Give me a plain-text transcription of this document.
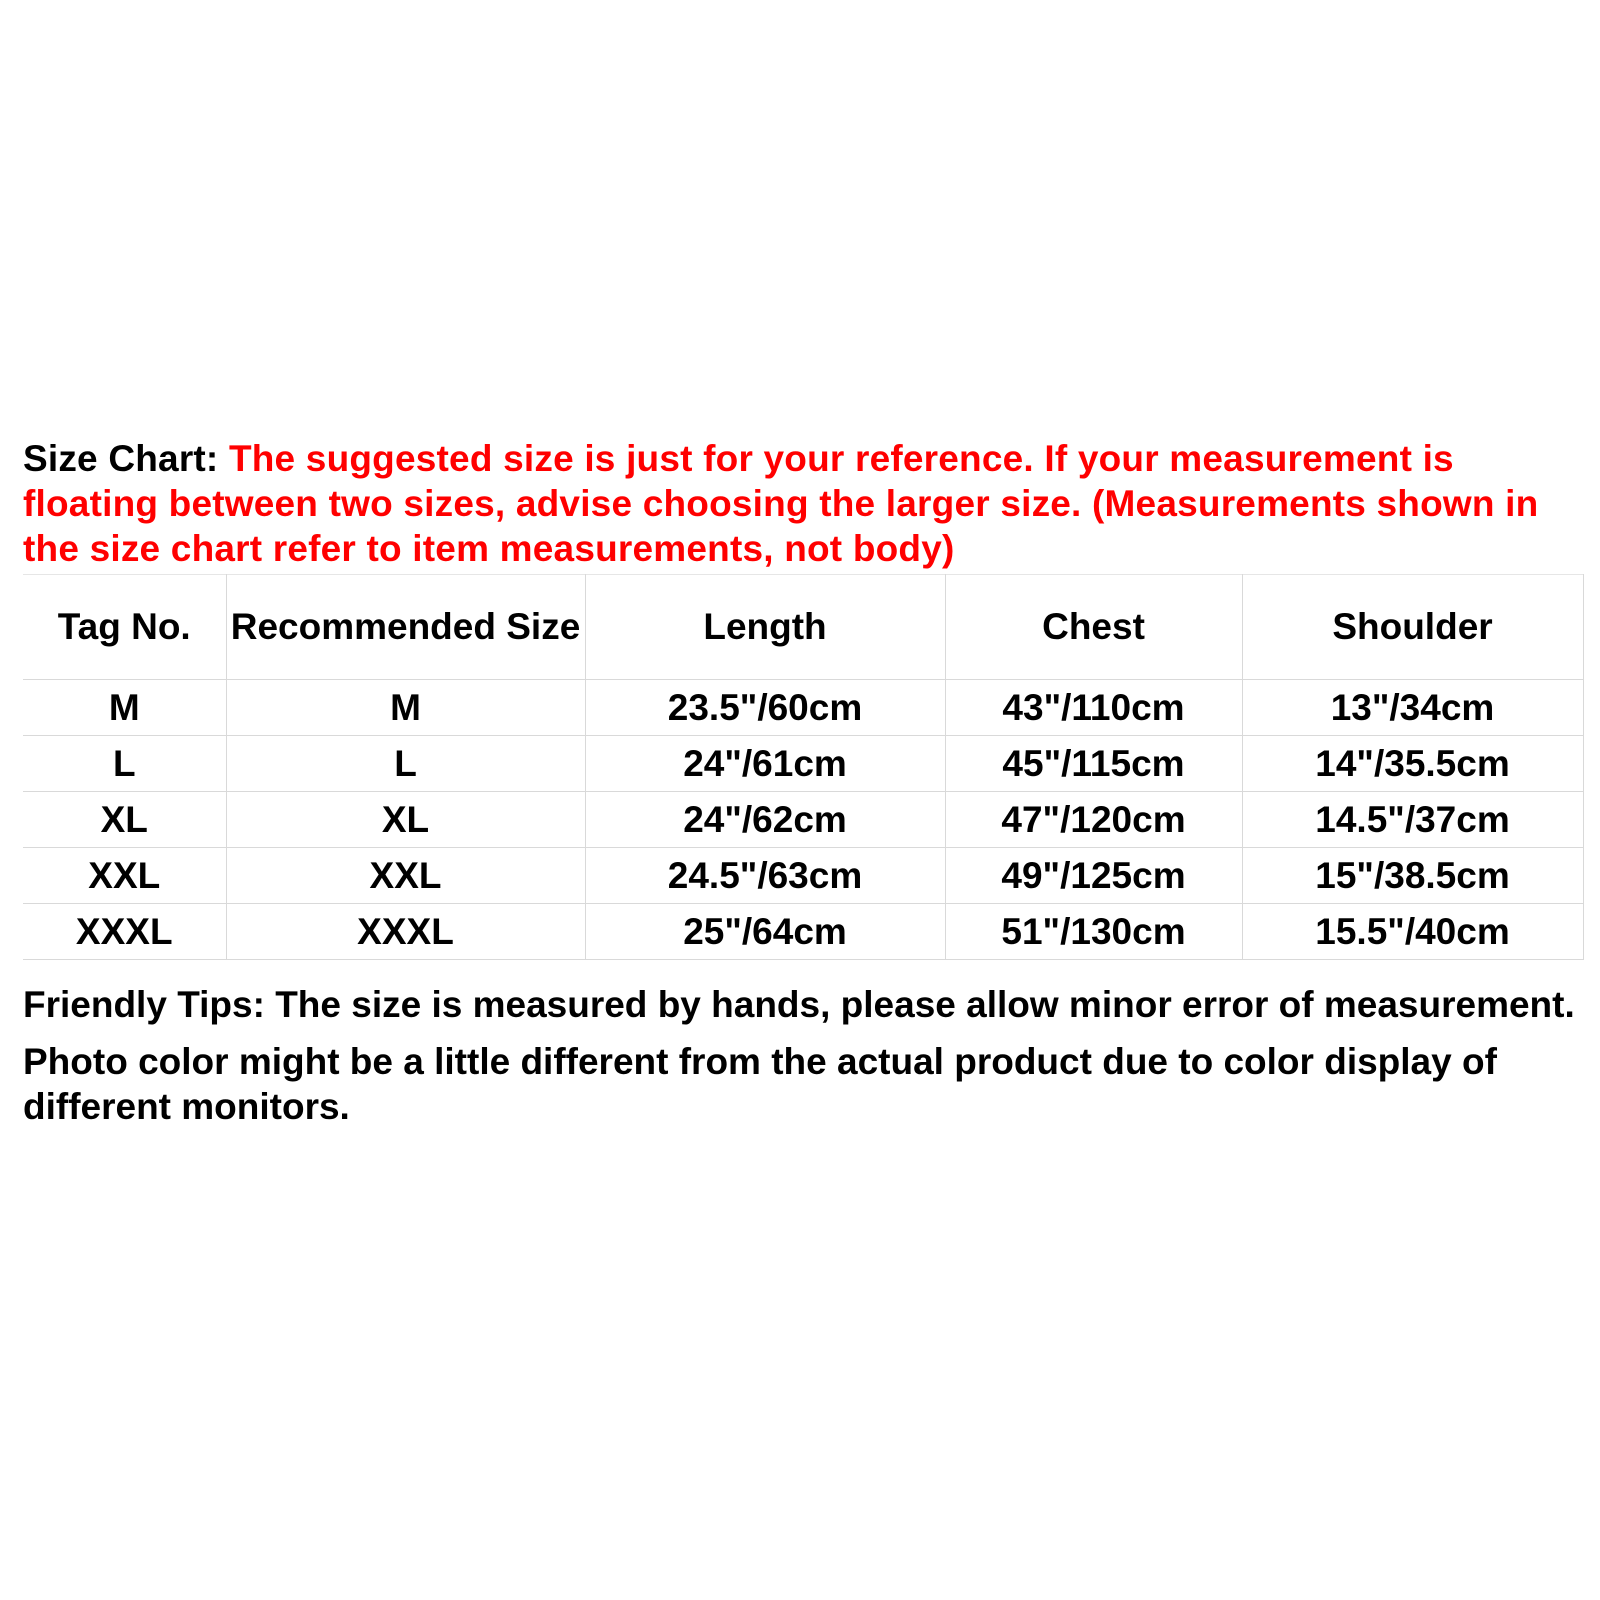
Size Chart: The suggested size is just for your reference. If your measurement is floating between two sizes, advise choosing the larger size. (Measurements shown in the size chart refer to item measurements, not body)
Tag No.	Recommended Size	Length	Chest	Shoulder
M	M	23.5"/60cm	43"/110cm	13"/34cm
L	L	24"/61cm	45"/115cm	14"/35.5cm
XL	XL	24"/62cm	47"/120cm	14.5"/37cm
XXL	XXL	24.5"/63cm	49"/125cm	15"/38.5cm
XXXL	XXXL	25"/64cm	51"/130cm	15.5"/40cm

Friendly Tips: The size is measured by hands, please allow minor error of measurement.

Photo color might be a little different from the actual product due to color display of different monitors.
